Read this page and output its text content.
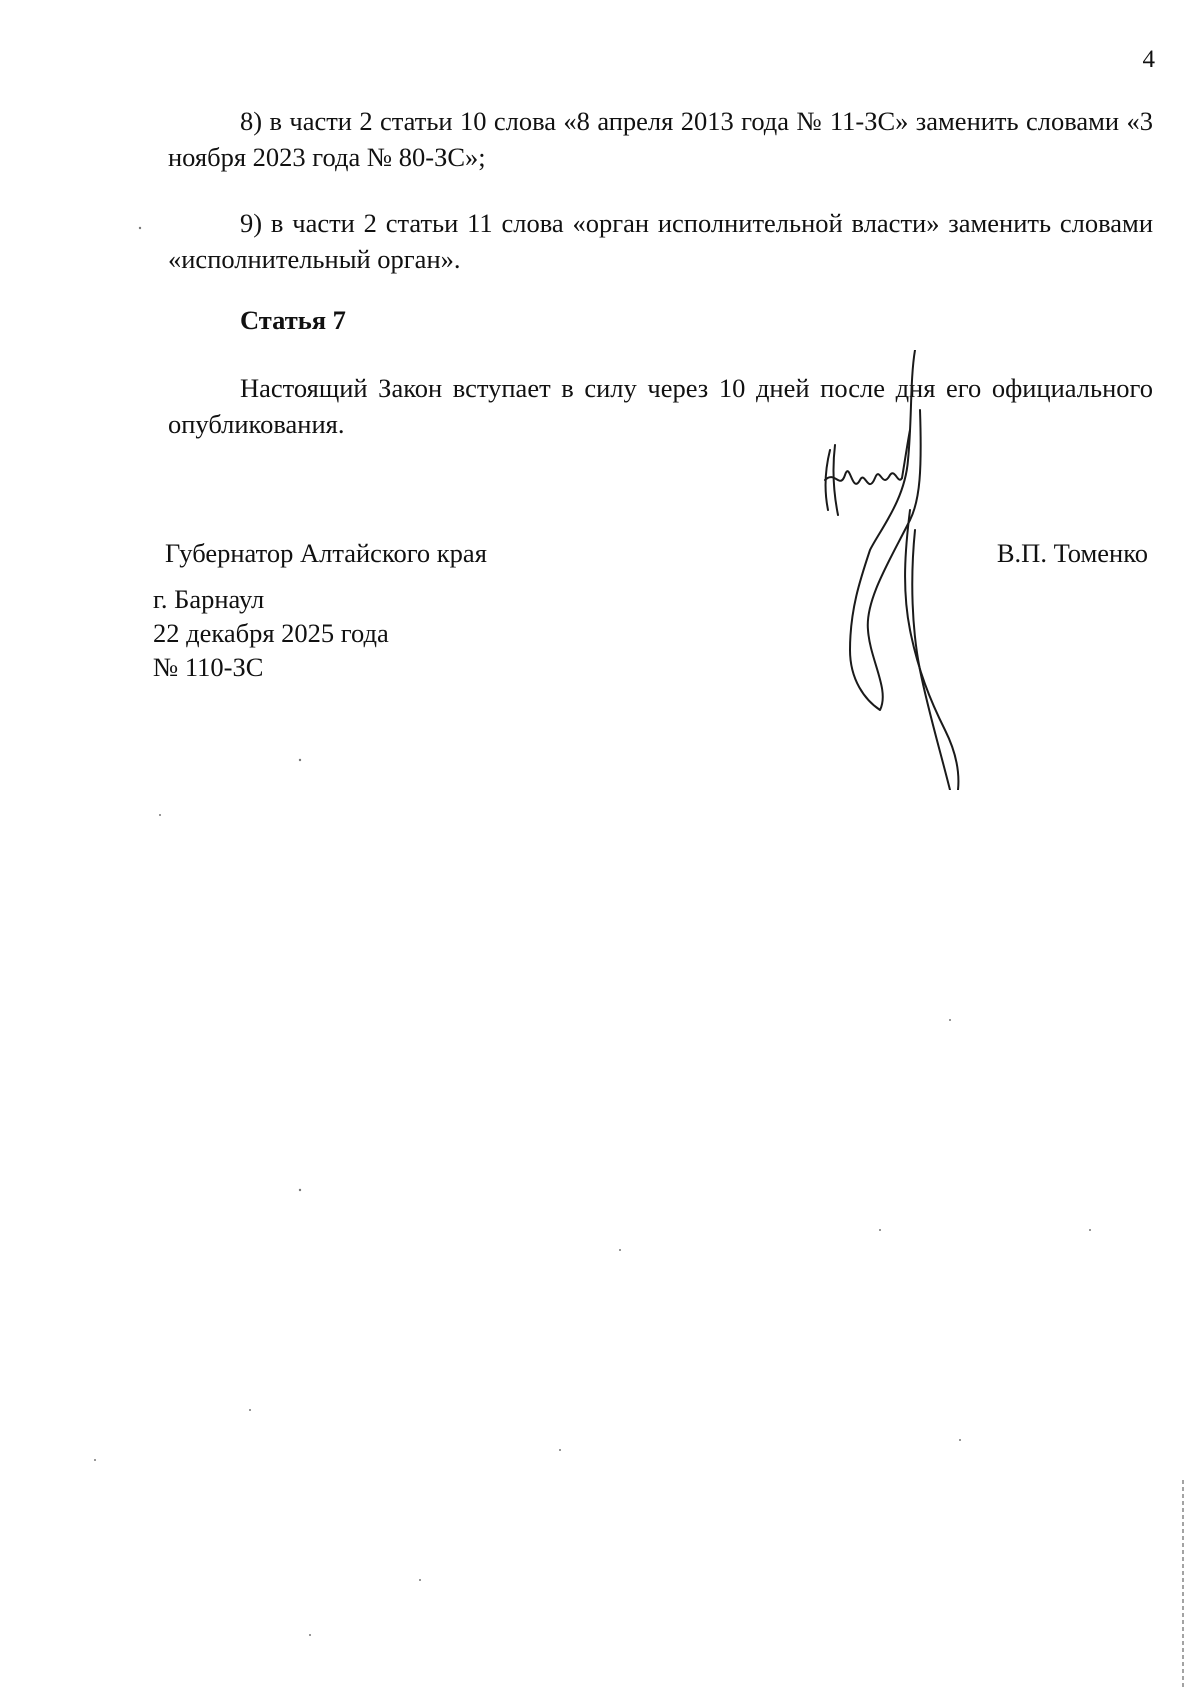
4

8) в части 2 статьи 10 слова «8 апреля 2013 года № 11-ЗС» заменить словами «3 ноября 2023 года № 80-ЗС»;

9) в части 2 статьи 11 слова «орган исполнительной власти» заменить словами «исполнительный орган».

Статья 7

Настоящий Закон вступает в силу через 10 дней после дня его официального опубликования.

Губернатор Алтайского края	В.П. Томенко
г. Барнаул
22 декабря 2025 года
№ 110-ЗС
